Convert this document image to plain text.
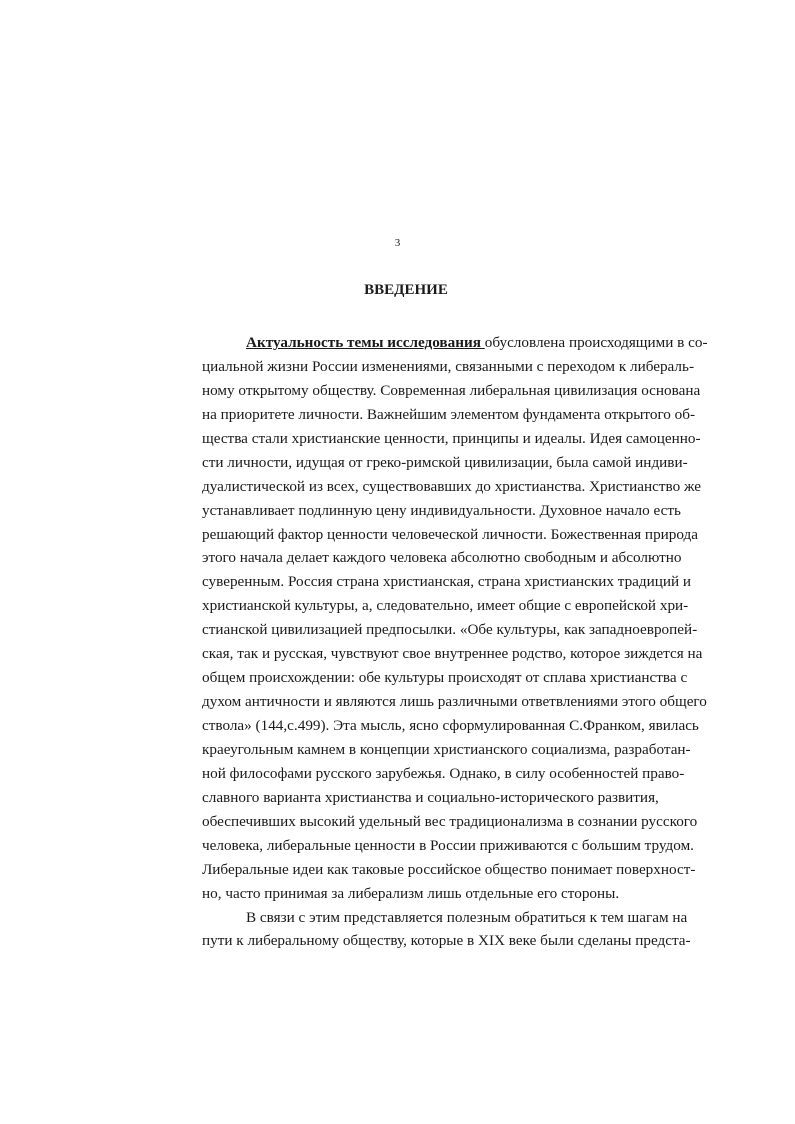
3
ВВЕДЕНИЕ
Актуальность темы исследования обусловлена происходящими в со-
циальной жизни России изменениями, связанными с переходом к либераль-
ному открытому обществу. Современная либеральная цивилизация основана
на приоритете личности. Важнейшим элементом фундамента открытого об-
щества стали христианские ценности, принципы и идеалы. Идея самоценно-
сти личности, идущая от греко-римской цивилизации, была самой индиви-
дуалистической из всех, существовавших до христианства. Христианство же
устанавливает подлинную цену индивидуальности. Духовное начало есть
решающий фактор ценности человеческой личности. Божественная природа
этого начала делает каждого человека абсолютно свободным и абсолютно
суверенным. Россия страна христианская, страна христианских традиций и
христианской культуры, а, следовательно, имеет общие с европейской хри-
стианской цивилизацией предпосылки. «Обе культуры, как западноевропей-
ская, так и русская, чувствуют свое внутреннее родство, которое зиждется на
общем происхождении: обе культуры происходят от сплава христианства с
духом античности и являются лишь различными ответвлениями этого общего
ствола» (144,с.499). Эта мысль, ясно сформулированная С.Франком, явилась
краеугольным камнем в концепции христианского социализма, разработан-
ной философами русского зарубежья. Однако, в силу особенностей право-
славного варианта христианства и социально-исторического развития,
обеспечивших высокий удельный вес традиционализма в сознании русского
человека, либеральные ценности в России приживаются с большим трудом.
Либеральные идеи как таковые российское общество понимает поверхност-
но, часто принимая за либерализм лишь отдельные его стороны.
В связи с этим представляется полезным обратиться к тем шагам на
пути к либеральному обществу, которые в XIX веке были сделаны предста-
